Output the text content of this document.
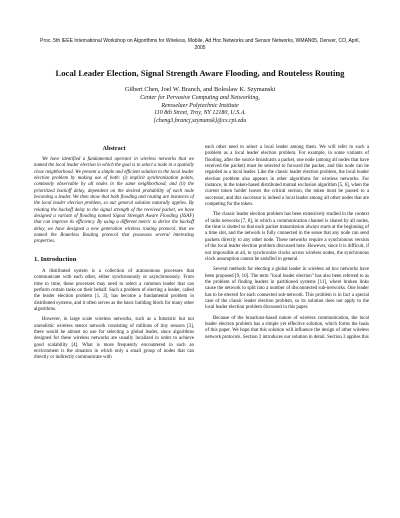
Proc. 5th IEEE International Workshop on Algorithms for Wireless, Mobile, Ad Hoc Networks and Sensor Networks, WMAN05, Denver, CO, April, 2005
Local Leader Election, Signal Strength Aware Flooding, and Routeless Routing
Gilbert Chen, Joel W. Branch, and Boleslaw K. Szymanski
Center for Pervasive Computing and Networking,
Rensselaer Polytechnic Institute
110 8th Street, Troy, NY 12180, U.S.A.
{cheng3,brancj,szymansk}@cs.rpi.edu
Abstract

We have identified a fundamental operator in wireless networks that we named the local leader election in which the goal is to select a node in a spatially close neighborhood. We present a simple and efficient solution to the local leader election problem by making use of both: (i) implicit synchronization points, commonly observable by all nodes in the same neighborhood, and (ii) the prioritized backoff delay, dependent on the desired probability of each node becoming a leader. We then show that both flooding and routing are instances of the local leader election problem, so our general solution naturally applies. By relating the backoff delay to the signal strength of the received packet, we have designed a variant of flooding named Signal Strength Aware Flooding (SSAF) that can improve its efficiency. By using a different metric to derive the backoff delay, we have designed a new generation wireless routing protocol, that we named the Routeless Routing protocol that possesses several interesting properties.

1. Introduction

A distributed system is a collection of autonomous processes that communicate with each other, either synchronously or asynchronously. From time to time, these processes may need to select a common leader that can perform certain tasks on their behalf. Such a problem of electing a leader, called the leader election problem [1, 2], has become a fundamental problem in distributed systems, and it often serves as the basic building block for many other algorithms.

However, in large scale wireless networks, such as a futuristic but not unrealistic wireless sensor network consisting of millions of tiny sensors [3], there would be almost no use for selecting a global leader, since algorithms designed for these wireless networks are usually localized in order to achieve good scalability [4]. What is more frequently encountered in such an environment is the situation in which only a small group of nodes that can directly or indirectly communicate with

each other need to select a local leader among them. We will refer to such a problem as a local leader election problem. For example, in some variants of flooding, after the source broadcasts a packet, one node (among all nodes that have received the packet) must be selected to forward the packet, and this node can be regarded as a local leader. Like the classic leader election problem, the local leader election problem also appears in other algorithms for wireless networks. For instance, in the token-based distributed mutual exclusion algorithm [5, 6], when the current token holder leaves the critical section, the token must be passed to a successor, and this successor is indeed a local leader among all other nodes that are competing for the token.

The classic leader election problem has been extensively studied in the context of radio networks [7, 8], in which a communication channel is shared by all nodes, the time is slotted so that each packet transmission always starts at the beginning of a time slot, and the network is fully connected in the sense that any node can send packets directly to any other node. These networks require a synchronous version of the local leader election problem discussed here. However, since it is difficult, if not impossible at all, to synchronize clocks across wireless nodes, the synchronous clock assumption cannot be satisfied in general.

Several methods for electing a global leader in wireless ad hoc networks have been proposed [9, 10]. The term "local leader election" has also been referred to as the problem of finding leaders in partitioned systems [11], where broken links cause the network to split into a number of disconnected sub-networks. One leader has to be elected for each connected sub-network. This problem is in fact a special case of the classic leader election problem, so its solution does not apply to the local leader election problem discussed in this paper.

Because of the broadcast-based nature of wireless communication, the local leader election problem has a simple yet effective solution, which forms the basis of this paper. We hope that this solution will influence the design of other wireless network protocols. Section 2 introduces our solution in detail. Section 3 applies this
